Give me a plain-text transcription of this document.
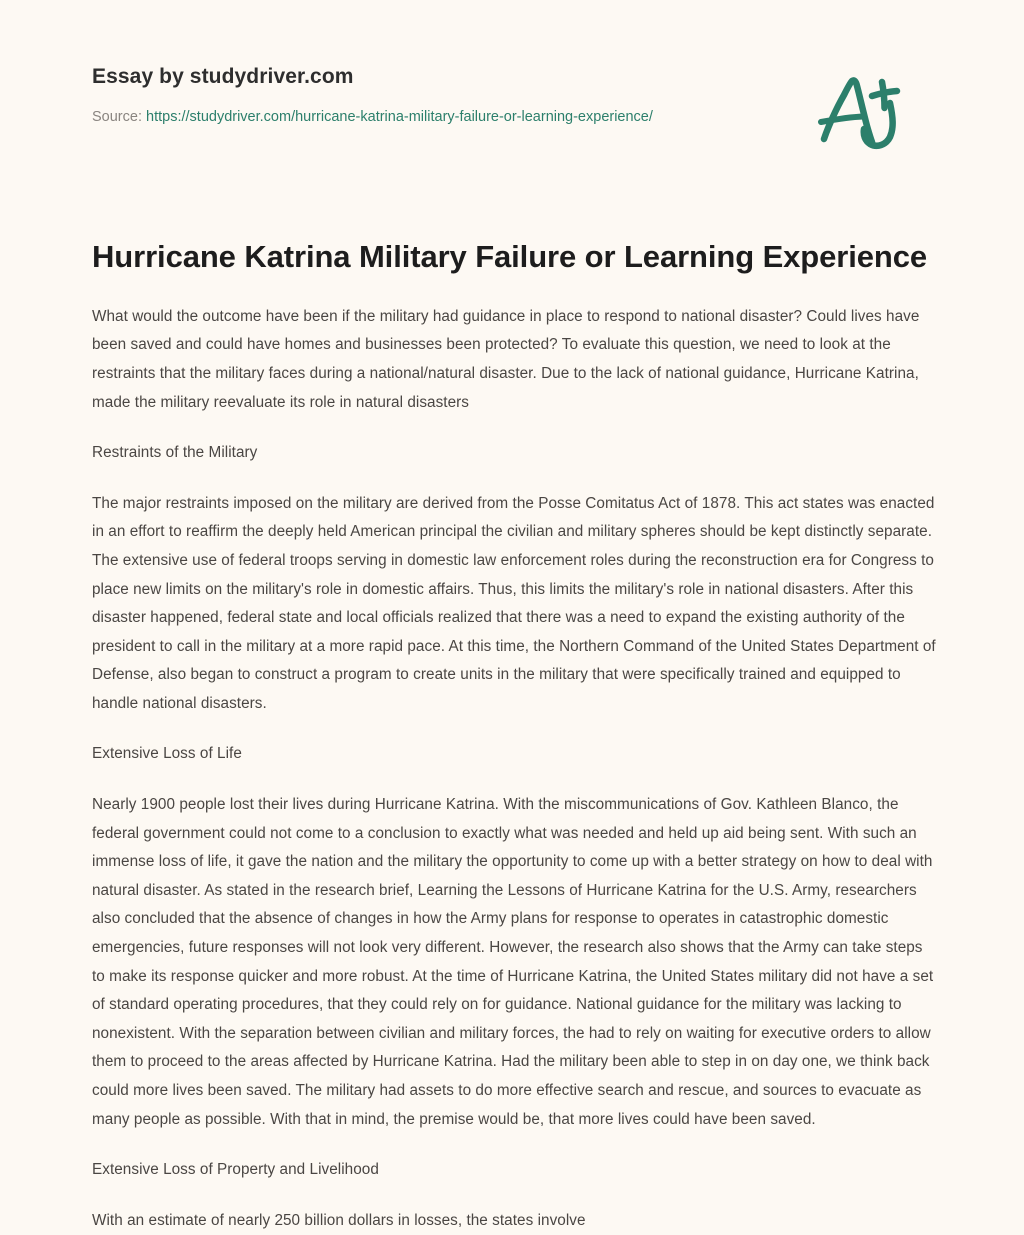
Essay by studydriver.com
Source: https://studydriver.com/hurricane-katrina-military-failure-or-learning-experience/
Hurricane Katrina Military Failure or Learning Experience

What would the outcome have been if the military had guidance in place to respond to national disaster? Could lives have been saved and could have homes and businesses been protected? To evaluate this question, we need to look at the restraints that the military faces during a national/natural disaster. Due to the lack of national guidance, Hurricane Katrina, made the military reevaluate its role in natural disasters

Restraints of the Military

The major restraints imposed on the military are derived from the Posse Comitatus Act of 1878. This act states was enacted in an effort to reaffirm the deeply held American principal the civilian and military spheres should be kept distinctly separate. The extensive use of federal troops serving in domestic law enforcement roles during the reconstruction era for Congress to place new limits on the military's role in domestic affairs. Thus, this limits the military's role in national disasters. After this disaster happened, federal state and local officials realized that there was a need to expand the existing authority of the president to call in the military at a more rapid pace. At this time, the Northern Command of the United States Department of Defense, also began to construct a program to create units in the military that were specifically trained and equipped to handle national disasters.

Extensive Loss of Life

Nearly 1900 people lost their lives during Hurricane Katrina. With the miscommunications of Gov. Kathleen Blanco, the federal government could not come to a conclusion to exactly what was needed and held up aid being sent. With such an immense loss of life, it gave the nation and the military the opportunity to come up with a better strategy on how to deal with natural disaster. As stated in the research brief, Learning the Lessons of Hurricane Katrina for the U.S. Army, researchers also concluded that the absence of changes in how the Army plans for response to operates in catastrophic domestic emergencies, future responses will not look very different. However, the research also shows that the Army can take steps to make its response quicker and more robust. At the time of Hurricane Katrina, the United States military did not have a set of standard operating procedures, that they could rely on for guidance. National guidance for the military was lacking to nonexistent. With the separation between civilian and military forces, the had to rely on waiting for executive orders to allow them to proceed to the areas affected by Hurricane Katrina. Had the military been able to step in on day one, we think back could more lives been saved. The military had assets to do more effective search and rescue, and sources to evacuate as many people as possible. With that in mind, the premise would be, that more lives could have been saved.

Extensive Loss of Property and Livelihood

With an estimate of nearly 250 billion dollars in losses, the states involve
